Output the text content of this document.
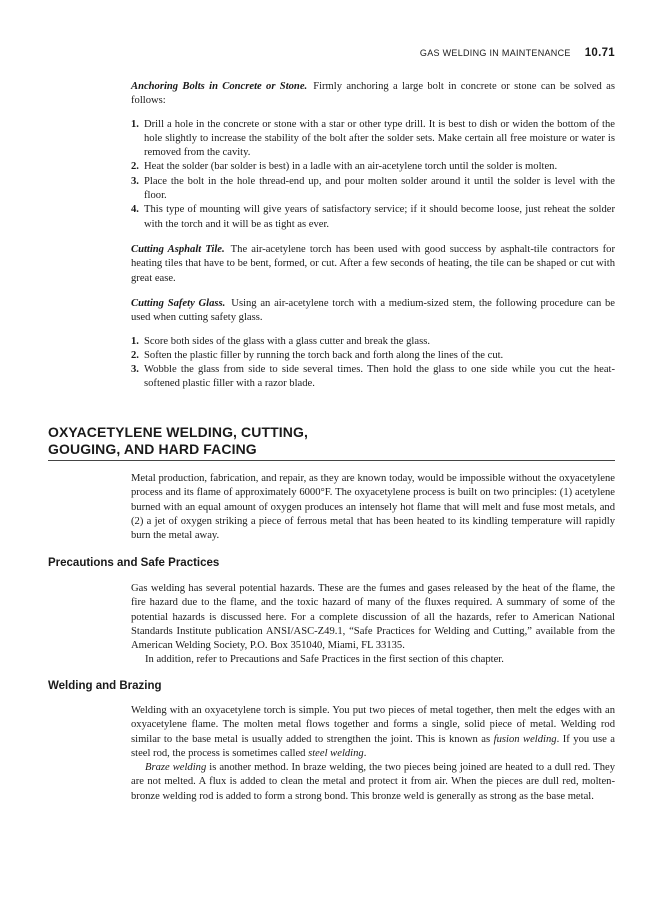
GAS WELDING IN MAINTENANCE 10.71

Anchoring Bolts in Concrete or Stone. Firmly anchoring a large bolt in concrete or stone can be solved as follows:

1. Drill a hole in the concrete or stone with a star or other type drill. It is best to dish or widen the bottom of the hole slightly to increase the stability of the bolt after the solder sets. Make certain all free moisture or water is removed from the cavity.
2. Heat the solder (bar solder is best) in a ladle with an air-acetylene torch until the solder is molten.
3. Place the bolt in the hole thread-end up, and pour molten solder around it until the solder is level with the floor.
4. This type of mounting will give years of satisfactory service; if it should become loose, just reheat the solder with the torch and it will be as tight as ever.

Cutting Asphalt Tile. The air-acetylene torch has been used with good success by asphalt-tile contractors for heating tiles that have to be bent, formed, or cut. After a few seconds of heating, the tile can be shaped or cut with great ease.

Cutting Safety Glass. Using an air-acetylene torch with a medium-sized stem, the following procedure can be used when cutting safety glass.

1. Score both sides of the glass with a glass cutter and break the glass.
2. Soften the plastic filler by running the torch back and forth along the lines of the cut.
3. Wobble the glass from side to side several times. Then hold the glass to one side while you cut the heat-softened plastic filler with a razor blade.
OXYACETYLENE WELDING, CUTTING,
GOUGING, AND HARD FACING

Metal production, fabrication, and repair, as they are known today, would be impossible without the oxyacetylene process and its flame of approximately 6000°F. The oxyacetylene process is built on two principles: (1) acetylene burned with an equal amount of oxygen produces an intensely hot flame that will melt and fuse most metals, and (2) a jet of oxygen striking a piece of ferrous metal that has been heated to its kindling temperature will rapidly burn the metal away.

Precautions and Safe Practices

Gas welding has several potential hazards. These are the fumes and gases released by the heat of the flame, the fire hazard due to the flame, and the toxic hazard of many of the fluxes required. A summary of some of the potential hazards is discussed here. For a complete discussion of all the hazards, refer to American National Standards Institute publication ANSI/ASC-Z49.1, “Safe Practices for Welding and Cutting,” available from the American Welding Society, P.O. Box 351040, Miami, FL 33135.

In addition, refer to Precautions and Safe Practices in the first section of this chapter.

Welding and Brazing

Welding with an oxyacetylene torch is simple. You put two pieces of metal together, then melt the edges with an oxyacetylene flame. The molten metal flows together and forms a single, solid piece of metal. Welding rod similar to the base metal is usually added to strengthen the joint. This is known as fusion welding. If you use a steel rod, the process is sometimes called steel welding.

Braze welding is another method. In braze welding, the two pieces being joined are heated to a dull red. They are not melted. A flux is added to clean the metal and protect it from air. When the pieces are dull red, molten-bronze welding rod is added to form a strong bond. This bronze weld is generally as strong as the base metal.
